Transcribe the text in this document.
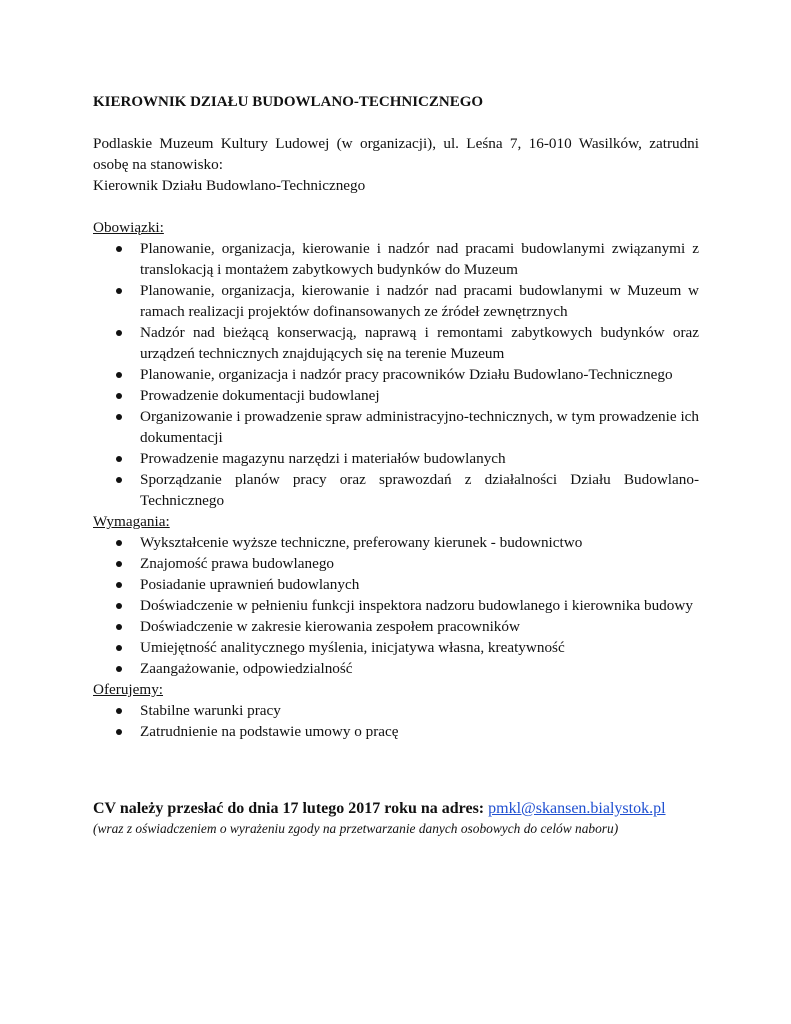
KIEROWNIK DZIAŁU BUDOWLANO-TECHNICZNEGO

Podlaskie Muzeum Kultury Ludowej (w organizacji), ul. Leśna 7, 16-010 Wasilków, zatrudni osobę na stanowisko:

Kierownik Działu Budowlano-Technicznego

Obowiązki:

Planowanie, organizacja, kierowanie i nadzór nad pracami budowlanymi związanymi z translokacją i montażem zabytkowych budynków do Muzeum
Planowanie, organizacja, kierowanie i nadzór nad pracami budowlanymi w Muzeum w ramach realizacji projektów dofinansowanych ze źródeł zewnętrznych
Nadzór nad bieżącą konserwacją, naprawą i remontami zabytkowych budynków oraz urządzeń technicznych znajdujących się na terenie Muzeum
Planowanie, organizacja i nadzór pracy pracowników Działu Budowlano-Technicznego
Prowadzenie dokumentacji budowlanej
Organizowanie i prowadzenie spraw administracyjno-technicznych, w tym prowadzenie ich dokumentacji
Prowadzenie magazynu narzędzi i materiałów budowlanych
Sporządzanie planów pracy oraz sprawozdań z działalności Działu Budowlano-Technicznego

Wymagania:

Wykształcenie wyższe techniczne, preferowany kierunek - budownictwo
Znajomość prawa budowlanego
Posiadanie uprawnień budowlanych
Doświadczenie w pełnieniu funkcji inspektora nadzoru budowlanego i kierownika budowy
Doświadczenie w zakresie kierowania zespołem pracowników
Umiejętność analitycznego myślenia, inicjatywa własna, kreatywność
Zaangażowanie, odpowiedzialność

Oferujemy:

Stabilne warunki pracy
Zatrudnienie na podstawie umowy o pracę

CV należy przesłać do dnia 17 lutego 2017 roku na adres: pmkl@skansen.bialystok.pl

(wraz z oświadczeniem o wyrażeniu zgody na przetwarzanie danych osobowych do celów naboru)
